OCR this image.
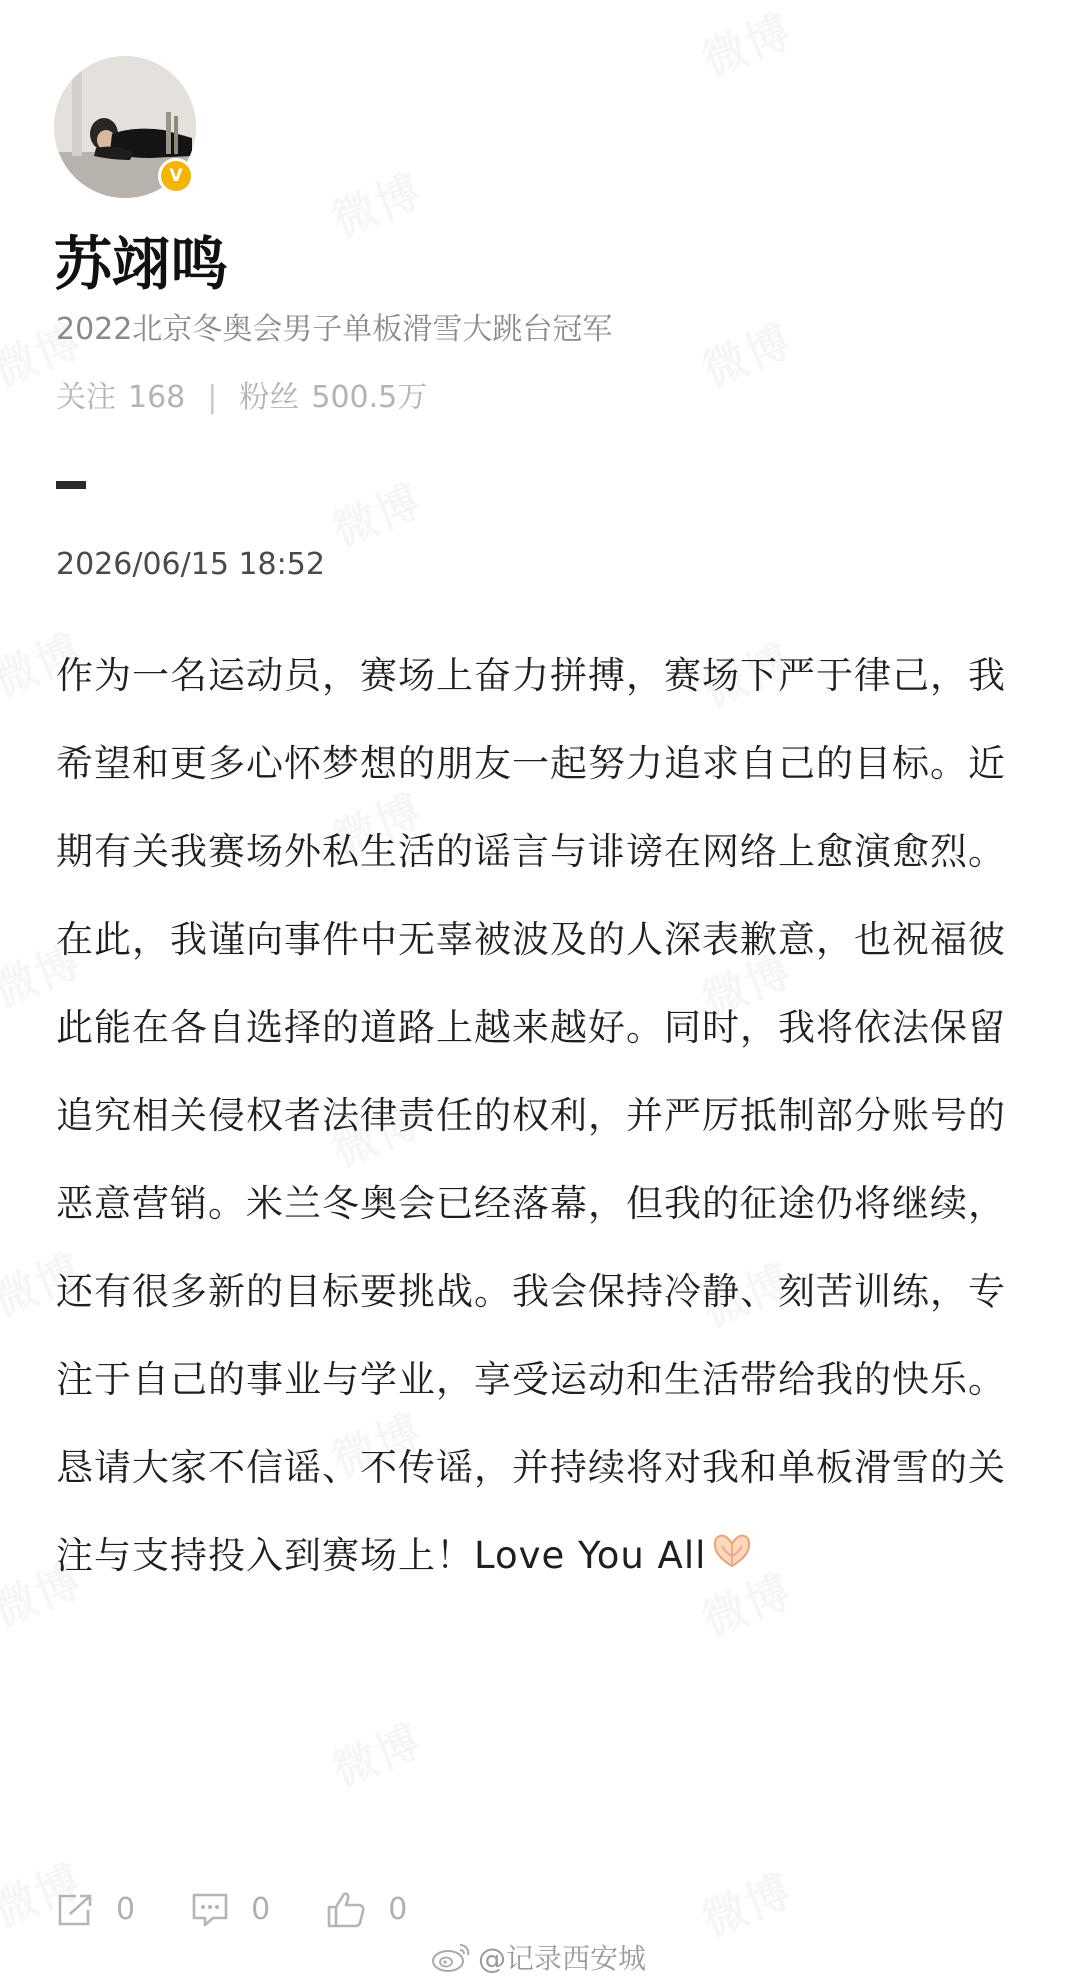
V
苏翊鸣
2022北京冬奥会男子单板滑雪大跳台冠军
关注 168 | 粉丝 500.5万
2026/06/15 18:52
作为一名运动员，赛场上奋力拼搏，赛场下严于律己，我希望和更多心怀梦想的朋友一起努力追求自己的目标。近期有关我赛场外私生活的谣言与诽谤在网络上愈演愈烈。在此，我谨向事件中无辜被波及的人深表歉意，也祝福彼此能在各自选择的道路上越来越好。同时，我将依法保留追究相关侵权者法律责任的权利，并严厉抵制部分账号的恶意营销。米兰冬奥会已经落幕，但我的征途仍将继续，还有很多新的目标要挑战。我会保持冷静、刻苦训练，专注于自己的事业与学业，享受运动和生活带给我的快乐。恳请大家不信谣、不传谣，并持续将对我和单板滑雪的关注与支持投入到赛场上！Love You All
0	0	0
@记录西安城
